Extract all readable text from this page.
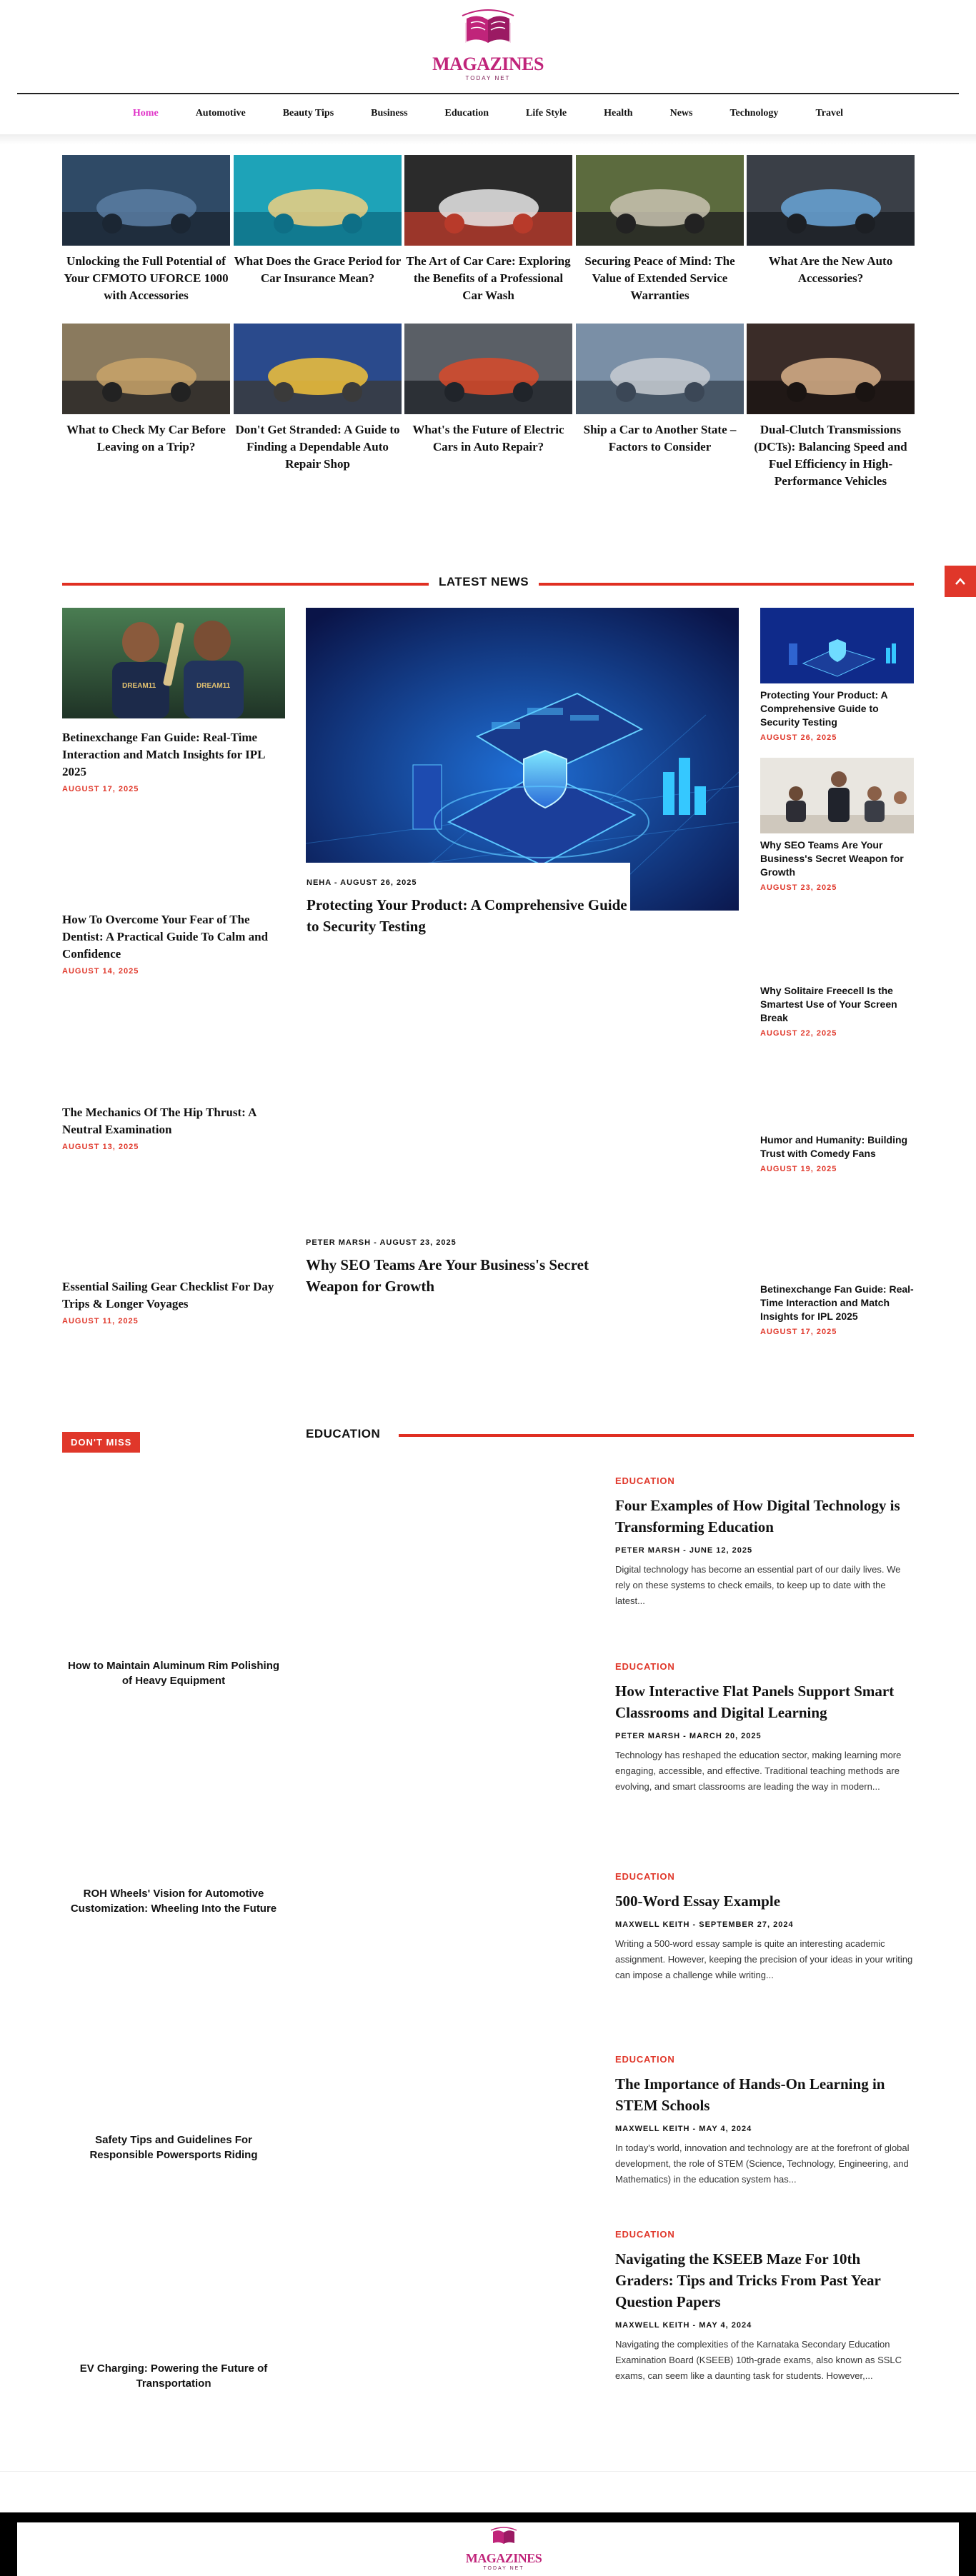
MAGAZINES
TODAY NET
Home	Automotive	Beauty Tips	Business	Education	Life Style	Health	News	Technology	Travel
Unlocking the Full Potential of Your CFMOTO UFORCE 1000 with Accessories
What Does the Grace Period for Car Insurance Mean?
The Art of Car Care: Exploring the Benefits of a Professional Car Wash
Securing Peace of Mind: The Value of Extended Service Warranties
What Are the New Auto Accessories?
What to Check My Car Before Leaving on a Trip?
Don't Get Stranded: A Guide to Finding a Dependable Auto Repair Shop
What's the Future of Electric Cars in Auto Repair?
Ship a Car to Another State – Factors to Consider
Dual-Clutch Transmissions (DCTs): Balancing Speed and Fuel Efficiency in High-Performance Vehicles
LATEST NEWS
DREAM11	DREAM11
Betinexchange Fan Guide: Real-Time Interaction and Match Insights for IPL 2025
AUGUST 17, 2025
How To Overcome Your Fear of The Dentist: A Practical Guide To Calm and Confidence
AUGUST 14, 2025
The Mechanics Of The Hip Thrust: A Neutral Examination
AUGUST 13, 2025
Essential Sailing Gear Checklist For Day Trips & Longer Voyages
AUGUST 11, 2025
NEHA - AUGUST 26, 2025
Protecting Your Product: A Comprehensive Guide to Security Testing
PETER MARSH - AUGUST 23, 2025
Why SEO Teams Are Your Business's Secret Weapon for Growth
Protecting Your Product: A Comprehensive Guide to Security Testing
AUGUST 26, 2025
Why SEO Teams Are Your Business's Secret Weapon for Growth
AUGUST 23, 2025
Why Solitaire Freecell Is the Smartest Use of Your Screen Break
AUGUST 22, 2025
Humor and Humanity: Building Trust with Comedy Fans
AUGUST 19, 2025
Betinexchange Fan Guide: Real-Time Interaction and Match Insights for IPL 2025
AUGUST 17, 2025
DON'T MISS
How to Maintain Aluminum Rim Polishing of Heavy Equipment
ROH Wheels' Vision for Automotive Customization: Wheeling Into the Future
Safety Tips and Guidelines For Responsible Powersports Riding
EV Charging: Powering the Future of Transportation
EDUCATION
EDUCATION
Four Examples of How Digital Technology is Transforming Education
PETER MARSH - JUNE 12, 2025
Digital technology has become an essential part of our daily lives. We rely on these systems to check emails, to keep up to date with the latest...
EDUCATION
How Interactive Flat Panels Support Smart Classrooms and Digital Learning
PETER MARSH - MARCH 20, 2025
Technology has reshaped the education sector, making learning more engaging, accessible, and effective. Traditional teaching methods are evolving, and smart classrooms are leading the way in modern...
EDUCATION
500-Word Essay Example
MAXWELL KEITH - SEPTEMBER 27, 2024
Writing a 500-word essay sample is quite an interesting academic assignment. However, keeping the precision of your ideas in your writing can impose a challenge while writing...
EDUCATION
The Importance of Hands-On Learning in STEM Schools
MAXWELL KEITH - MAY 4, 2024
In today's world, innovation and technology are at the forefront of global development, the role of STEM (Science, Technology, Engineering, and Mathematics) in the education system has...
EDUCATION
Navigating the KSEEB Maze For 10th Graders: Tips and Tricks From Past Year Question Papers
MAXWELL KEITH - MAY 4, 2024
Navigating the complexities of the Karnataka Secondary Education Examination Board (KSEEB) 10th-grade exams, also known as SSLC exams, can seem like a daunting task for students. However,...
MAGAZINES
TODAY NET
